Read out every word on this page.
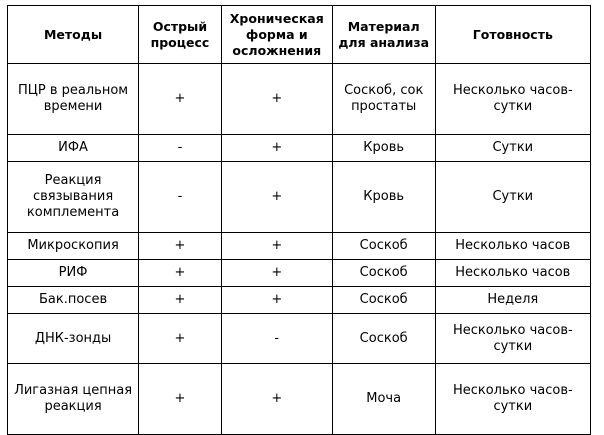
Методы	Острый процесс	Хроническая форма и осложнения	Материал для анализа	Готовность
ПЦР в реальном времени	+	+	Соскоб, сок простаты	Несколько часов-сутки
ИФА	-	+	Кровь	Сутки
Реакция связывания комплемента	-	+	Кровь	Сутки
Микроскопия	+	+	Соскоб	Несколько часов
РИФ	+	+	Соскоб	Несколько часов
Бак.посев	+	+	Соскоб	Неделя
ДНК-зонды	+	-	Соскоб	Несколько часов-сутки
Лигазная цепная реакция	+	+	Моча	Несколько часов-сутки
